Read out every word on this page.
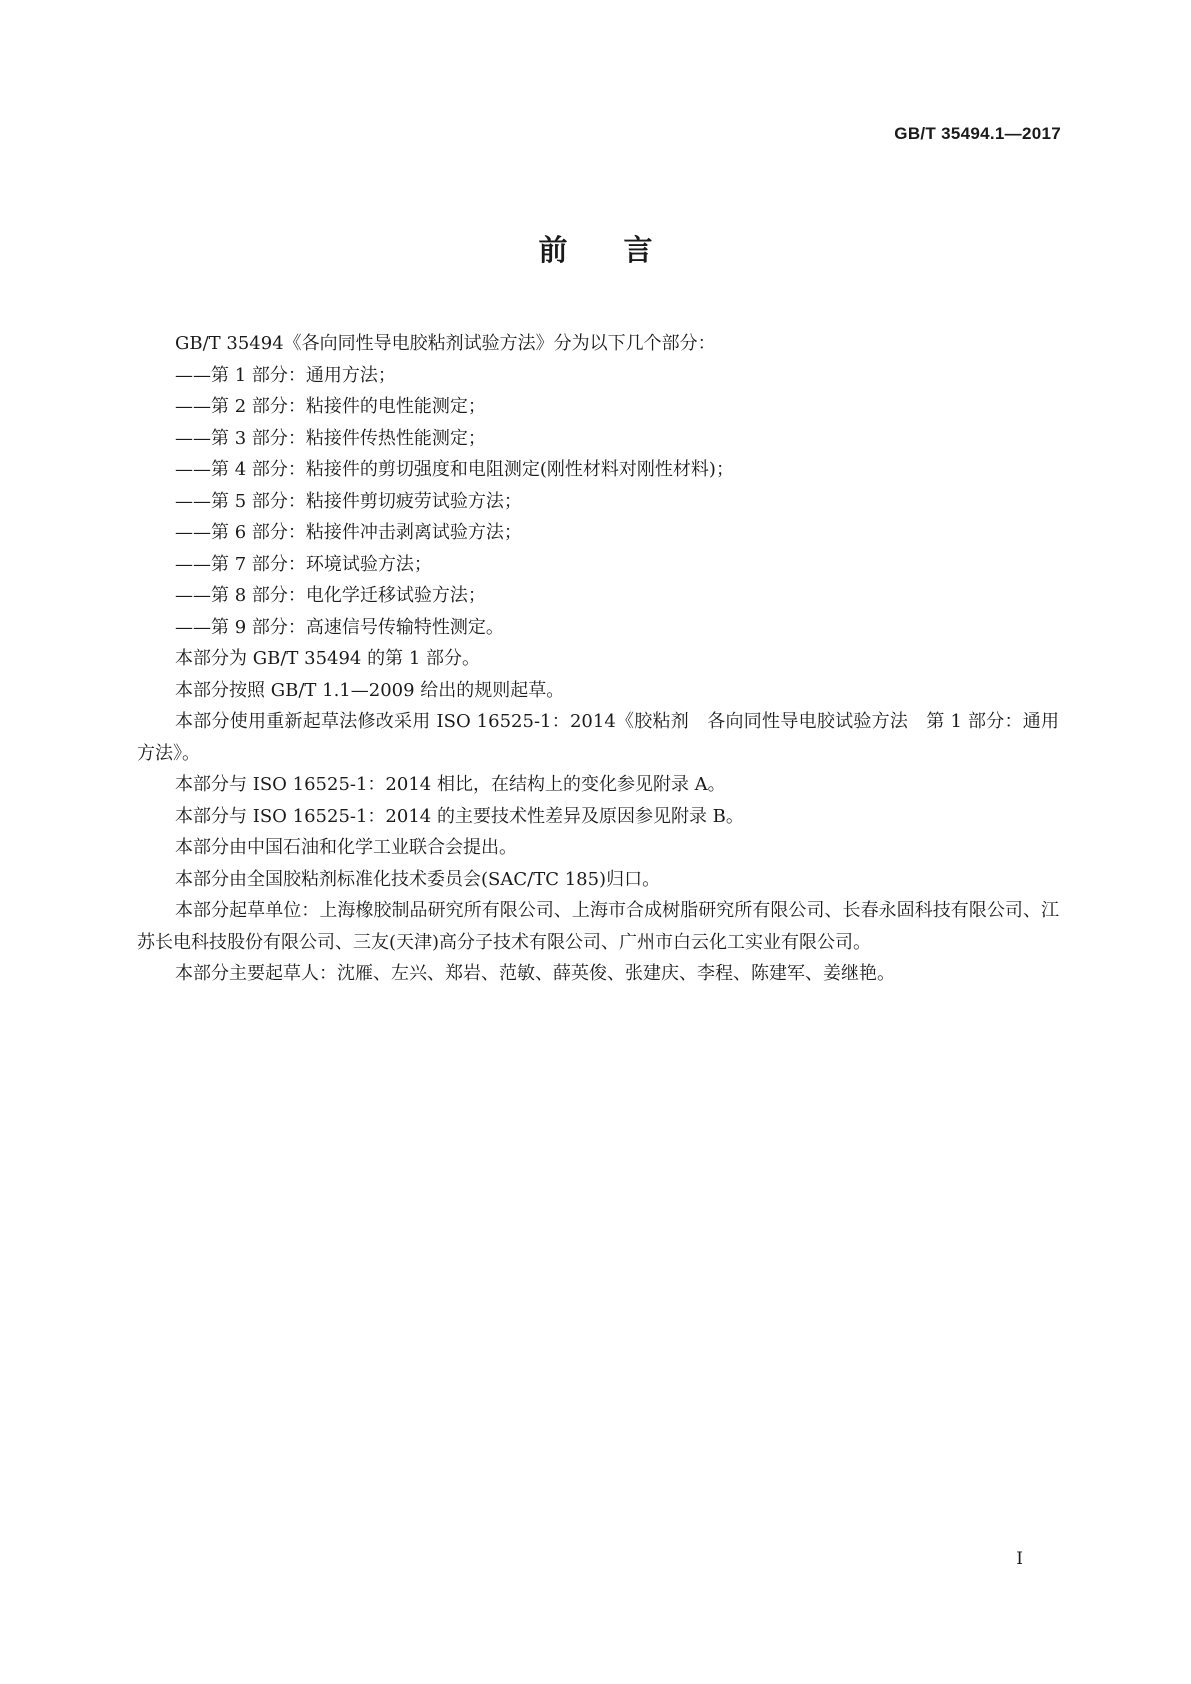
GB/T 35494.1—2017
前言

GB/T 35494《各向同性导电胶粘剂试验方法》分为以下几个部分：

——第 1 部分：通用方法；
——第 2 部分：粘接件的电性能测定；
——第 3 部分：粘接件传热性能测定；
——第 4 部分：粘接件的剪切强度和电阻测定(刚性材料对刚性材料)；
——第 5 部分：粘接件剪切疲劳试验方法；
——第 6 部分：粘接件冲击剥离试验方法；
——第 7 部分：环境试验方法；
——第 8 部分：电化学迁移试验方法；
——第 9 部分：高速信号传输特性测定。

本部分为 GB/T 35494 的第 1 部分。

本部分按照 GB/T 1.1—2009 给出的规则起草。

本部分使用重新起草法修改采用 ISO 16525-1：2014《胶粘剂　各向同性导电胶试验方法　第 1 部分：通用方法》。

本部分与 ISO 16525-1：2014 相比，在结构上的变化参见附录 A。

本部分与 ISO 16525-1：2014 的主要技术性差异及原因参见附录 B。

本部分由中国石油和化学工业联合会提出。

本部分由全国胶粘剂标准化技术委员会(SAC/TC 185)归口。

本部分起草单位：上海橡胶制品研究所有限公司、上海市合成树脂研究所有限公司、长春永固科技有限公司、江苏长电科技股份有限公司、三友(天津)高分子技术有限公司、广州市白云化工实业有限公司。

本部分主要起草人：沈雁、左兴、郑岩、范敏、薛英俊、张建庆、李程、陈建军、姜继艳。

I
